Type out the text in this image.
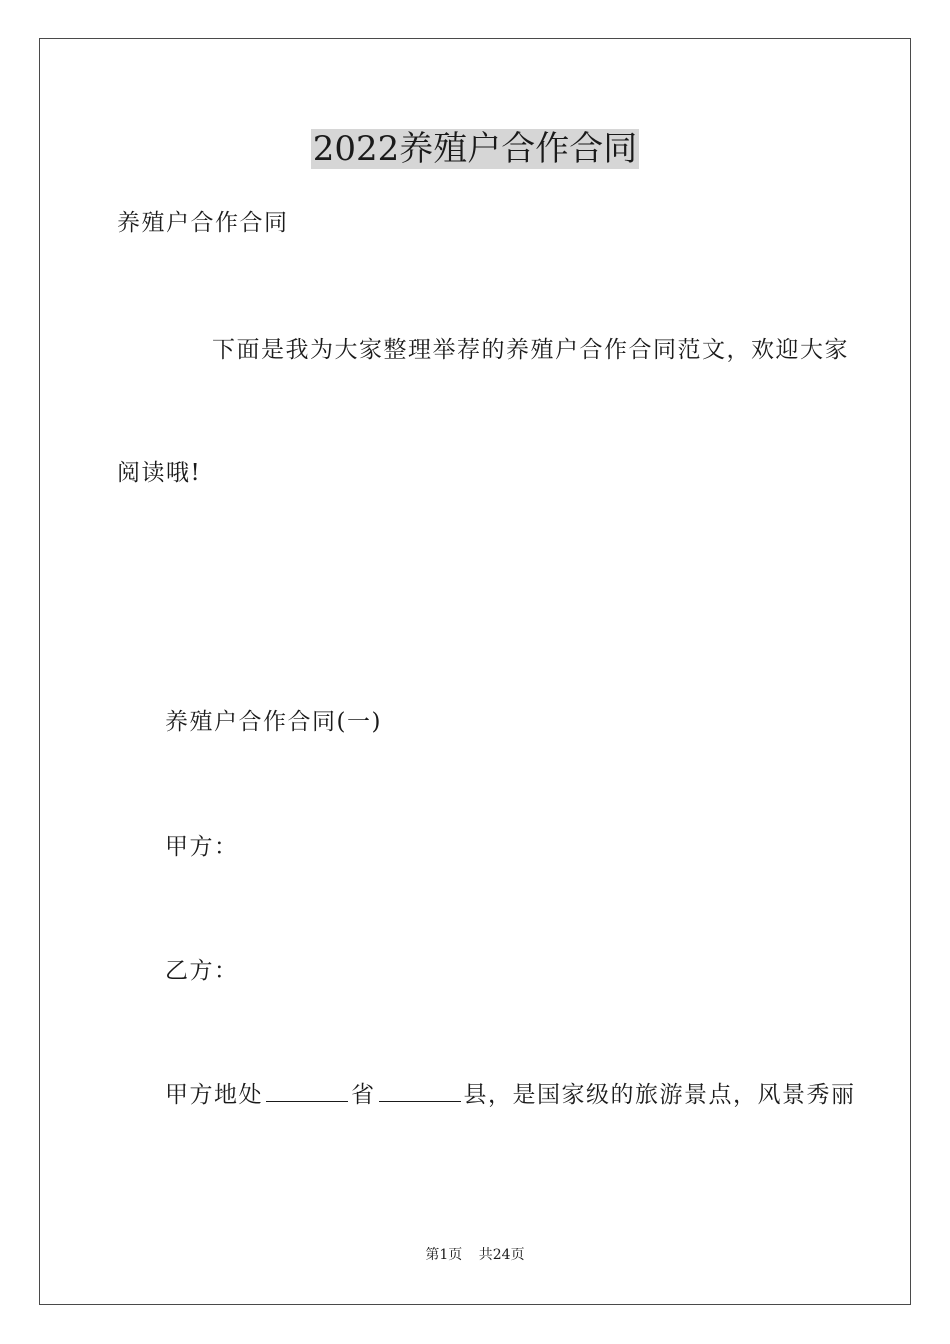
2022养殖户合作合同
养殖户合作合同
下面是我为大家整理举荐的养殖户合作合同范文，欢迎大家
阅读哦!
养殖户合作合同(一)
甲方：
乙方：
甲方地处	省	县，是国家级的旅游景点，风景秀丽
第1页 共24页
